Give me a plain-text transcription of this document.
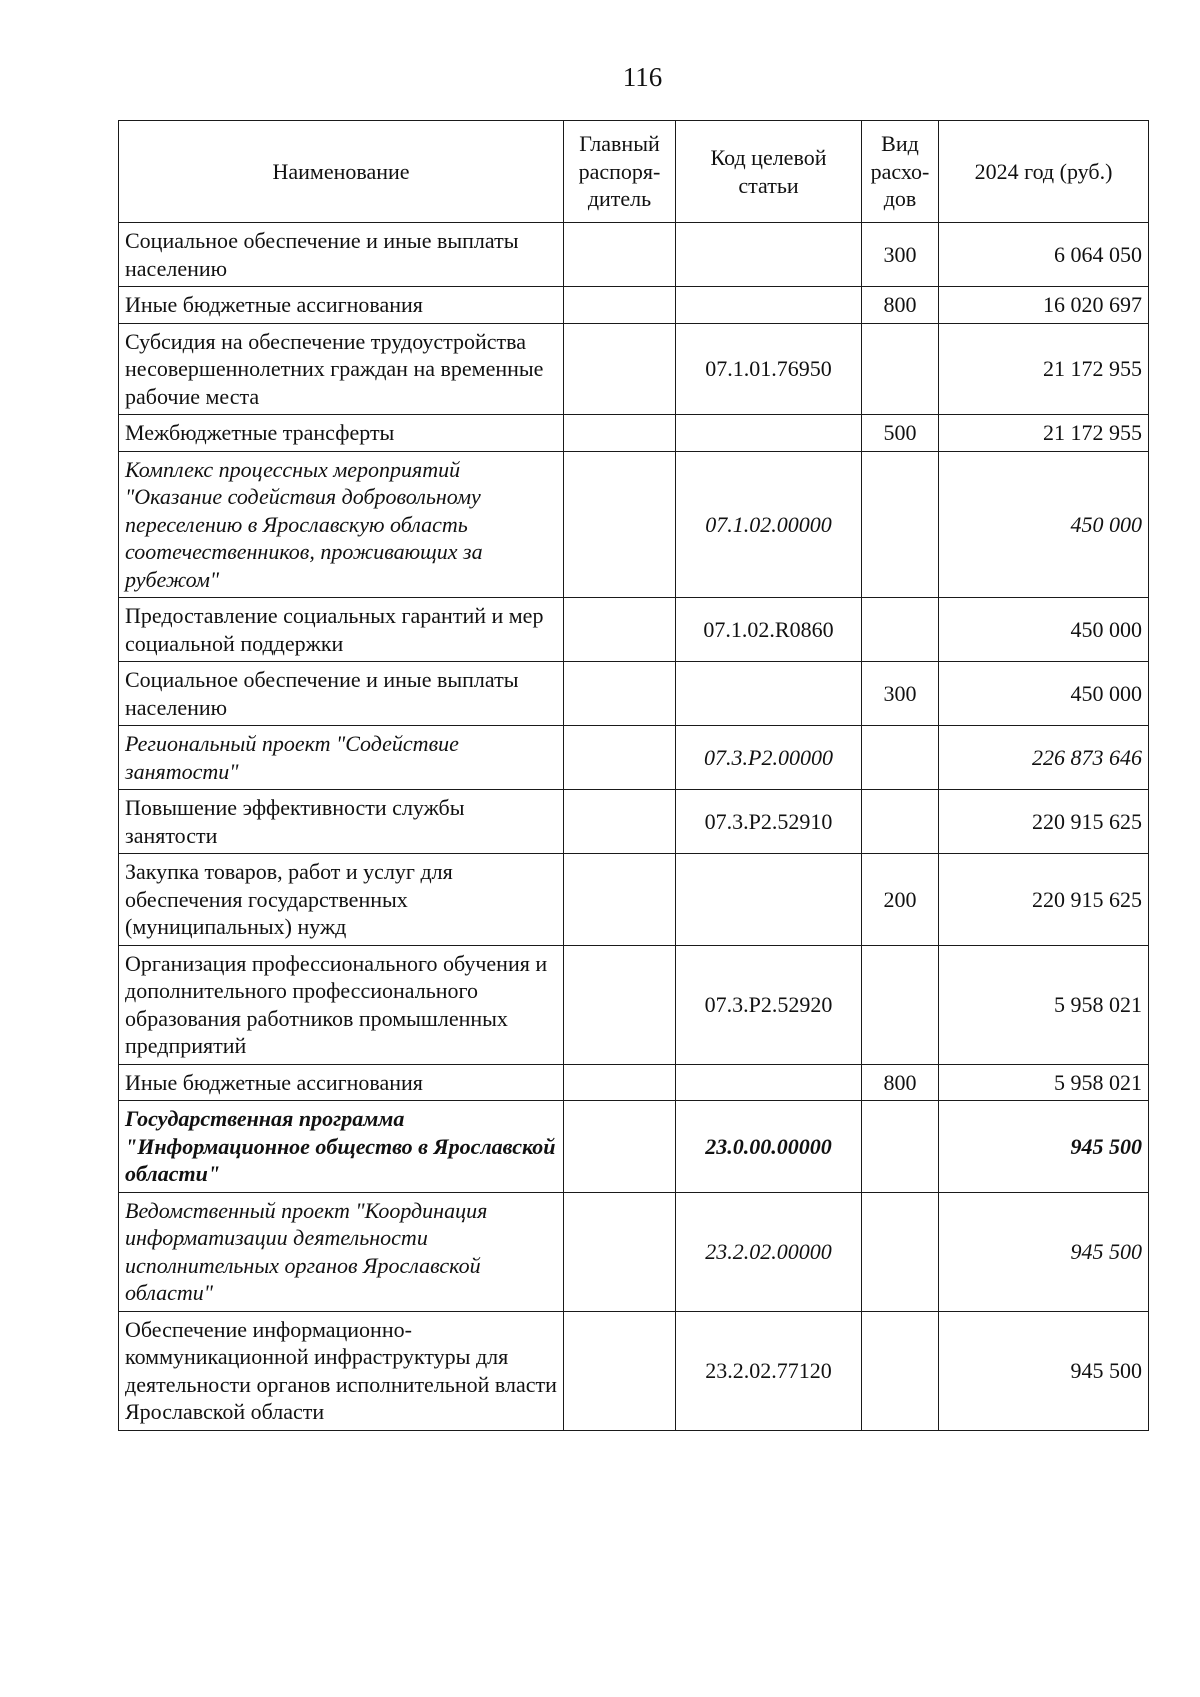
116
Наименование	Главный распоря-дитель	Код целевой статьи	Вид расхо-дов	2024 год (руб.)
Социальное обеспечение и иные выплаты населению			300	6 064 050
Иные бюджетные ассигнования			800	16 020 697
Субсидия на обеспечение трудоустройства несовершеннолетних граждан на временные рабочие места		07.1.01.76950		21 172 955
Межбюджетные трансферты			500	21 172 955
Комплекс процессных мероприятий "Оказание содействия добровольному переселению в Ярославскую область соотечественников, проживающих за рубежом"		07.1.02.00000		450 000
Предоставление социальных гарантий и мер социальной поддержки		07.1.02.R0860		450 000
Социальное обеспечение и иные выплаты населению			300	450 000
Региональный проект "Содействие занятости"		07.3.Р2.00000		226 873 646
Повышение эффективности службы занятости		07.3.Р2.52910		220 915 625
Закупка товаров, работ и услуг для обеспечения государственных (муниципальных) нужд			200	220 915 625
Организация профессионального обучения и дополнительного профессионального образования работников промышленных предприятий		07.3.Р2.52920		5 958 021
Иные бюджетные ассигнования			800	5 958 021
Государственная программа "Информационное общество в Ярославской области"		23.0.00.00000		945 500
Ведомственный проект "Координация информатизации деятельности исполнительных органов Ярославской области"		23.2.02.00000		945 500
Обеспечение информационно-коммуникационной инфраструктуры для деятельности органов исполнительной власти Ярославской области		23.2.02.77120		945 500
